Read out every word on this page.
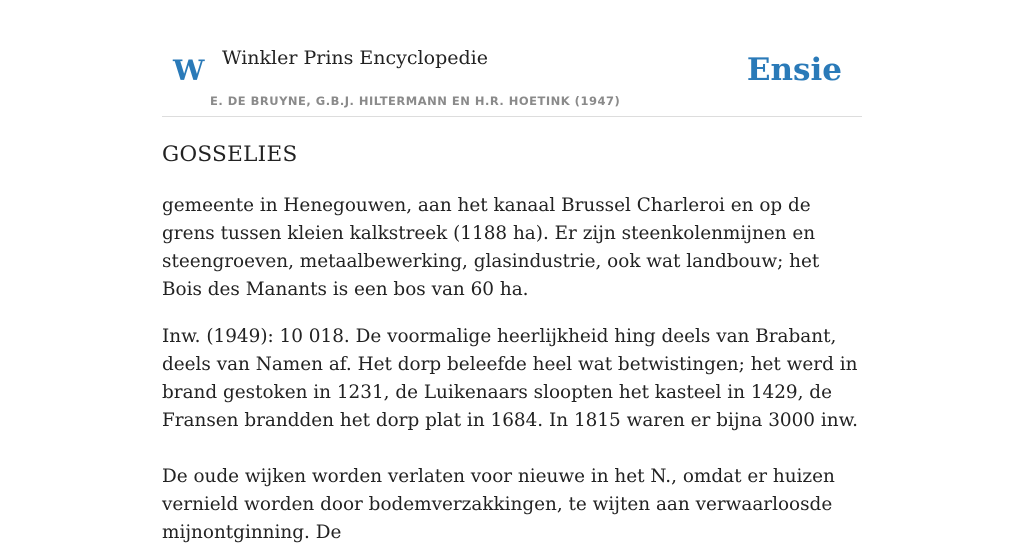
W Winkler Prins Encyclopedie
E. DE BRUYNE, G.B.J. HILTERMANN EN H.R. HOETINK (1947)
Ensie
GOSSELIES

gemeente in Henegouwen, aan het kanaal Brussel Charleroi en op de grens tussen kleien kalkstreek (1188 ha). Er zijn steenkolenmijnen en steengroeven, metaalbewerking, glasindustrie, ook wat landbouw; het Bois des Manants is een bos van 60 ha.

Inw. (1949): 10 018. De voormalige heerlijkheid hing deels van Brabant, deels van Namen af. Het dorp beleefde heel wat betwistingen; het werd in brand gestoken in 1231, de Luikenaars sloopten het kasteel in 1429, de Fransen brandden het dorp plat in 1684. In 1815 waren er bijna 3000 inw.

De oude wijken worden verlaten voor nieuwe in het N., omdat er huizen vernield worden door bodemverzakkingen, te wijten aan verwaarloosde mijnontginning. De
